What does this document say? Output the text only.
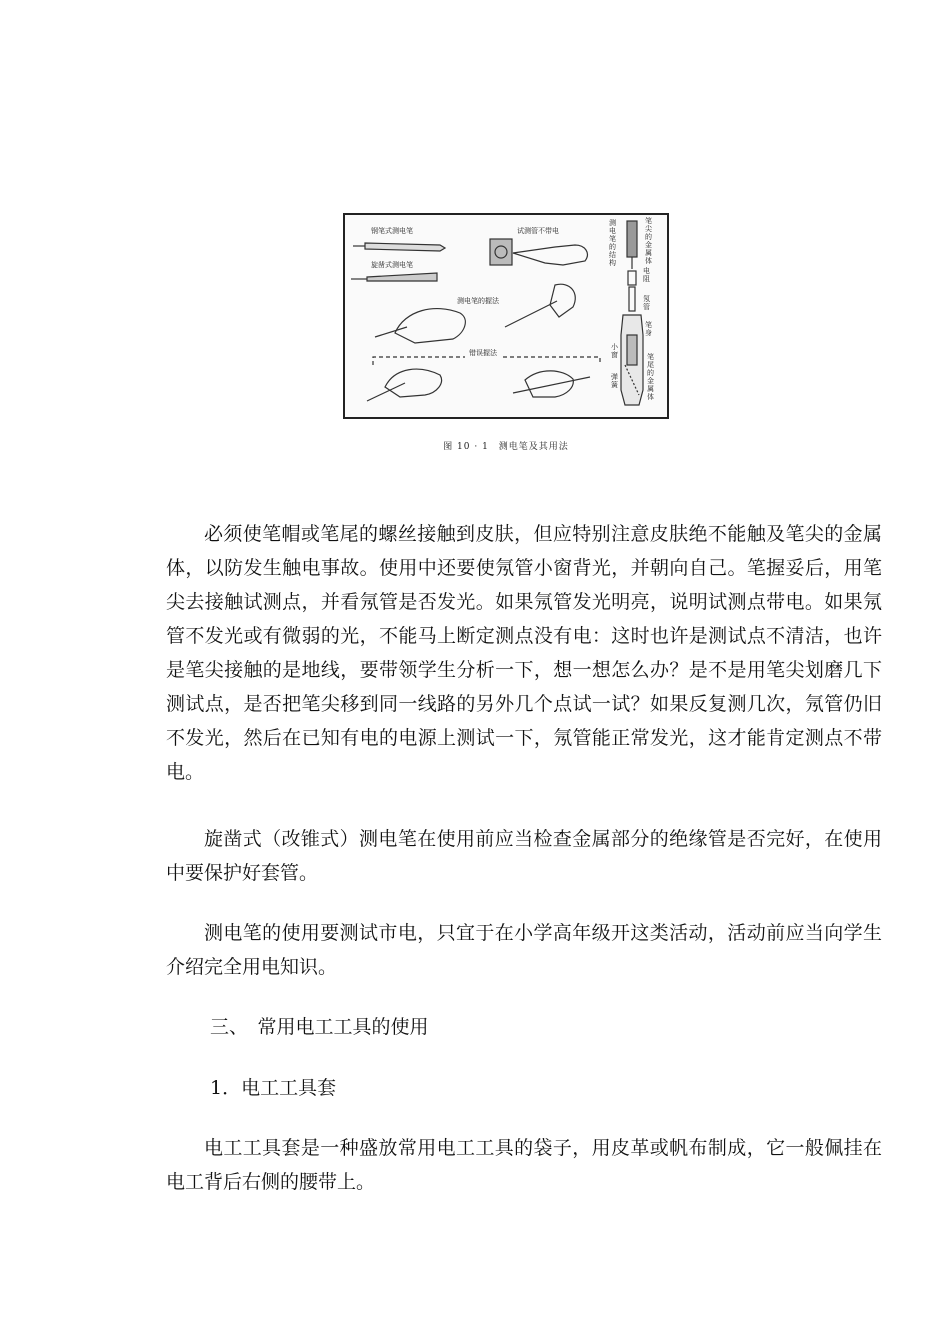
钢笔式测电笔
旋凿式测电笔
试测管不带电
测电笔的握法
错误握法
测电笔的结构
笔尖的金属体
电阻
氖管
笔身
小窗
弹簧
笔尾的金属体
图 10 · 1　测电笔及其用法

必须使笔帽或笔尾的螺丝接触到皮肤，但应特别注意皮肤绝不能触及笔尖的金属体，以防发生触电事故。使用中还要使氖管小窗背光，并朝向自己。笔握妥后，用笔尖去接触试测点，并看氖管是否发光。如果氖管发光明亮，说明试测点带电。如果氖管不发光或有微弱的光，不能马上断定测点没有电：这时也许是测试点不清洁，也许是笔尖接触的是地线，要带领学生分析一下，想一想怎么办？是不是用笔尖划磨几下测试点，是否把笔尖移到同一线路的另外几个点试一试？如果反复测几次，氖管仍旧不发光，然后在已知有电的电源上测试一下，氖管能正常发光，这才能肯定测点不带电。

旋凿式（改锥式）测电笔在使用前应当检查金属部分的绝缘管是否完好，在使用中要保护好套管。

测电笔的使用要测试市电，只宜于在小学高年级开这类活动，活动前应当向学生介绍完全用电知识。

三、　常用电工工具的使用

1．电工工具套

电工工具套是一种盛放常用电工工具的袋子，用皮革或帆布制成，它一般佩挂在电工背后右侧的腰带上。
